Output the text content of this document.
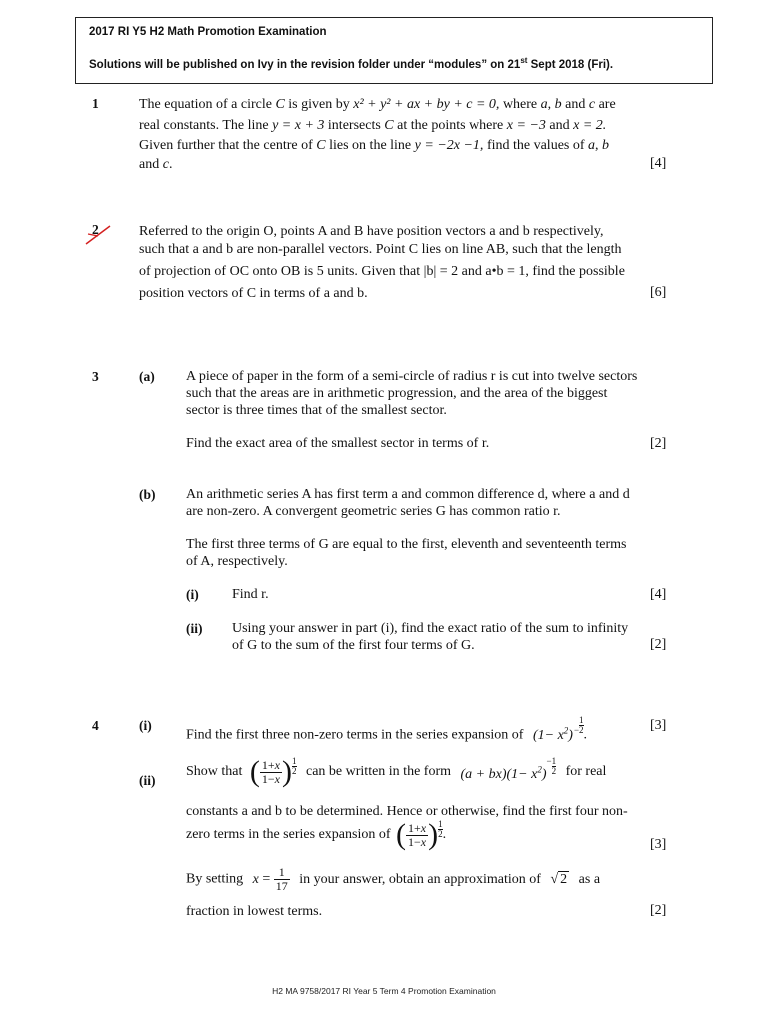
2017 RI Y5 H2 Math Promotion Examination
Solutions will be published on Ivy in the revision folder under “modules” on 21st Sept 2018 (Fri).
1	The equation of a circle C is given by x² + y² + ax + by + c = 0, where a, b and c are
real constants. The line y = x + 3 intersects C at the points where x = −3 and x = 2.
Given further that the centre of C lies on the line y = −2x −1, find the values of a, b
and c.	[4]
2	Referred to the origin O, points A and B have position vectors a and b respectively,
such that a and b are non-parallel vectors. Point C lies on line AB, such that the length
of projection of OC onto OB is 5 units. Given that |b| = 2 and a•b = 1, find the possible
position vectors of C in terms of a and b.	[6]
3	(a) A piece of paper in the form of a semi-circle of radius r is cut into twelve sectors
such that the areas are in arithmetic progression, and the area of the biggest
sector is three times that of the smallest sector.
Find the exact area of the smallest sector in terms of r.	[2]
(b) An arithmetic series A has first term a and common difference d, where a and d
are non-zero. A convergent geometric series G has common ratio r.
The first three terms of G are equal to the first, eleventh and seventeenth terms
of A, respectively.
(i) Find r.	[4]
(ii) Using your answer in part (i), find the exact ratio of the sum to infinity
of G to the sum of the first four terms of G.	[2]
4	(i)
Find the first three non-zero terms in the series expansion of $(1- x^2)- \frac{1}{2}$
.
[3]
(ii)
Show that ( $\frac{1+x}{1-x}$ ) $\frac{1}{2}$ can be written in the form $(a + bx)(1- x^2)- \frac{1}{2}$ for real
constants a and b to be determined. Hence or otherwise, find the first four non-
zero terms in the series expansion of ( $\frac{1+x}{1-x}$ ) $\frac{1}{2}$ .
[3]
By setting $x = \frac{1}{17}$ in your answer, obtain an approximation of √ 2 as a
fraction in lowest terms.	[2]
H2 MA 9758/2017 RI Year 5 Term 4 Promotion Examination
